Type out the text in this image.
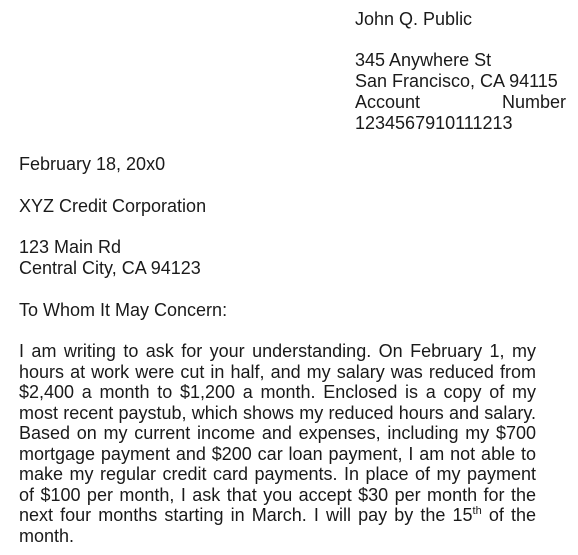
John Q. Public
345 Anywhere St
San Francisco, CA 94115
Account	Number
1234567910111213
February 18, 20x0
XYZ Credit Corporation
123 Main Rd
Central City, CA 94123
To Whom It May Concern:
I am writing to ask for your understanding. On February 1, my hours at work were cut in half, and my salary was reduced from $2,400 a month to $1,200 a month. Enclosed is a copy of my most recent paystub, which shows my reduced hours and salary. Based on my current income and expenses, including my $700 mortgage payment and $200 car loan payment, I am not able to make my regular credit card payments. In place of my payment of $100 per month, I ask that you accept $30 per month for the next four months starting in March. I will pay by the 15th of the month.
